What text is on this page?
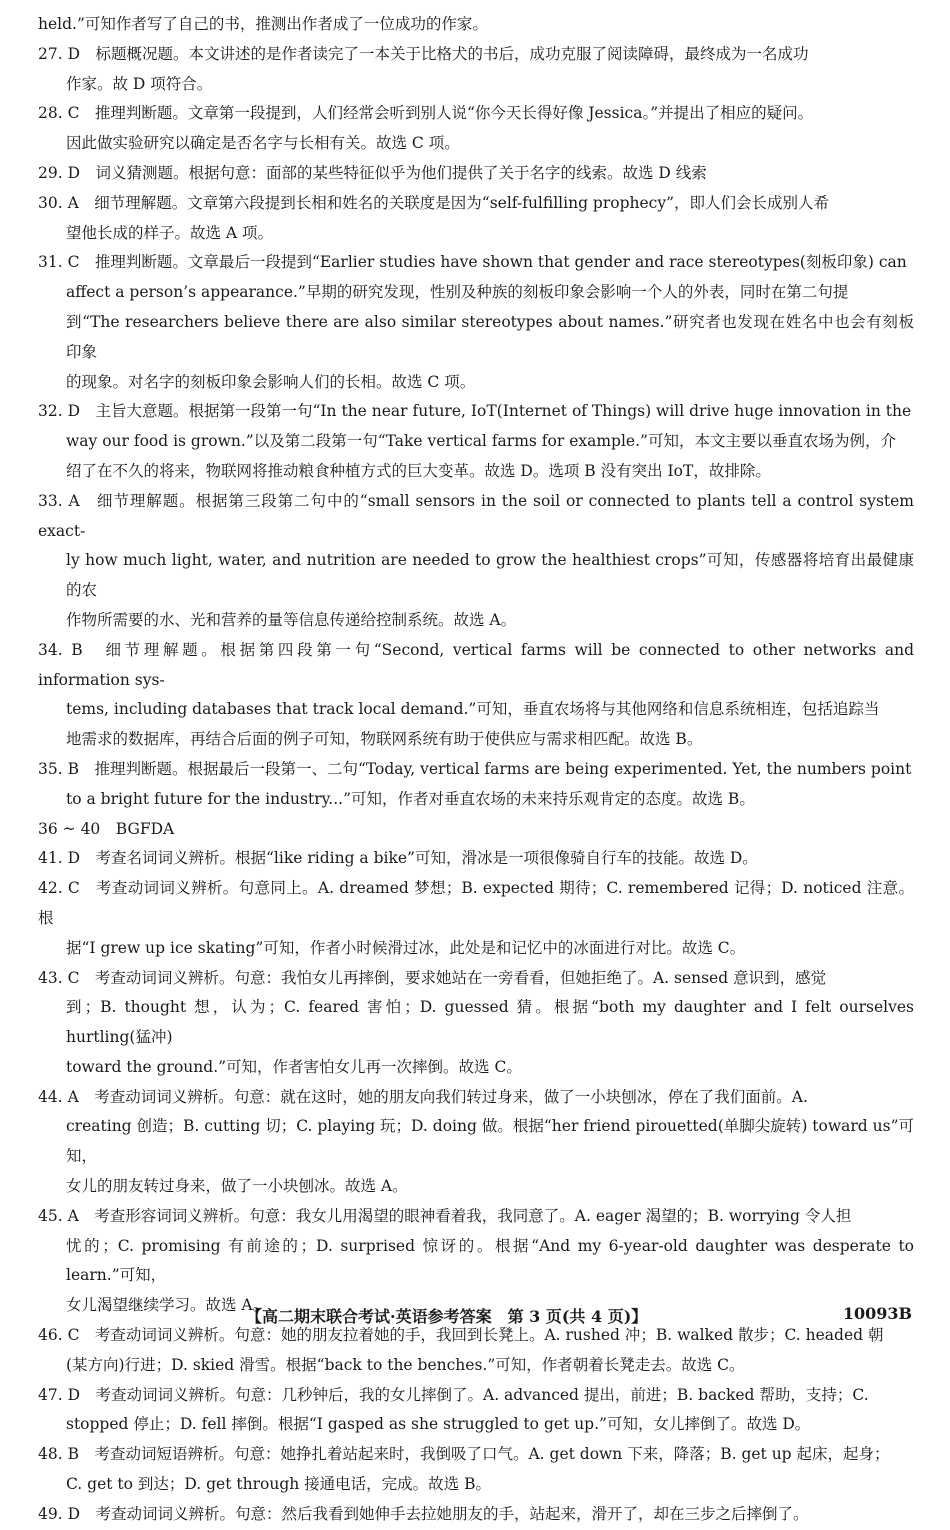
held.”可知作者写了自己的书，推测出作者成了一位成功的作家。
27. D　标题概况题。本文讲述的是作者读完了一本关于比格犬的书后，成功克服了阅读障碍，最终成为一名成功
作家。故 D 项符合。
28. C　推理判断题。文章第一段提到，人们经常会听到别人说“你今天长得好像 Jessica。”并提出了相应的疑问。
因此做实验研究以确定是否名字与长相有关。故选 C 项。
29. D　词义猜测题。根据句意：面部的某些特征似乎为他们提供了关于名字的线索。故选 D 线索
30. A　细节理解题。文章第六段提到长相和姓名的关联度是因为“self-fulfilling prophecy”，即人们会长成别人希
望他长成的样子。故选 A 项。
31. C　推理判断题。文章最后一段提到“Earlier studies have shown that gender and race stereotypes(刻板印象) can
affect a person’s appearance.”早期的研究发现，性别及种族的刻板印象会影响一个人的外表，同时在第二句提
到“The researchers believe there are also similar stereotypes about names.”研究者也发现在姓名中也会有刻板印象
的现象。对名字的刻板印象会影响人们的长相。故选 C 项。
32. D　主旨大意题。根据第一段第一句“In the near future, IoT(Internet of Things) will drive huge innovation in the
way our food is grown.”以及第二段第一句“Take vertical farms for example.”可知，本文主要以垂直农场为例，介
绍了在不久的将来，物联网将推动粮食种植方式的巨大变革。故选 D。选项 B 没有突出 IoT，故排除。
33. A　细节理解题。根据第三段第二句中的“small sensors in the soil or connected to plants tell a control system exact-
ly how much light, water, and nutrition are needed to grow the healthiest crops”可知，传感器将培育出最健康的农
作物所需要的水、光和营养的量等信息传递给控制系统。故选 A。
34. B　细节理解题。根据第四段第一句“Second, vertical farms will be connected to other networks and information sys-
tems, including databases that track local demand.”可知，垂直农场将与其他网络和信息系统相连，包括追踪当
地需求的数据库，再结合后面的例子可知，物联网系统有助于使供应与需求相匹配。故选 B。
35. B　推理判断题。根据最后一段第一、二句“Today, vertical farms are being experimented. Yet, the numbers point
to a bright future for the industry...”可知，作者对垂直农场的未来持乐观肯定的态度。故选 B。
36 ~ 40　BGFDA
41. D　考查名词词义辨析。根据“like riding a bike”可知，滑冰是一项很像骑自行车的技能。故选 D。
42. C　考查动词词义辨析。句意同上。A. dreamed 梦想；B. expected 期待；C. remembered 记得；D. noticed 注意。根
据“I grew up ice skating”可知，作者小时候滑过冰，此处是和记忆中的冰面进行对比。故选 C。
43. C　考查动词词义辨析。句意：我怕女儿再摔倒，要求她站在一旁看看，但她拒绝了。A. sensed 意识到，感觉
到；B. thought 想，认为；C. feared 害怕；D. guessed 猜。根据“both my daughter and I felt ourselves hurtling(猛冲)
toward the ground.”可知，作者害怕女儿再一次摔倒。故选 C。
44. A　考查动词词义辨析。句意：就在这时，她的朋友向我们转过身来，做了一小块刨冰，停在了我们面前。A.
creating 创造；B. cutting 切；C. playing 玩；D. doing 做。根据“her friend pirouetted(单脚尖旋转) toward us”可知，
女儿的朋友转过身来，做了一小块刨冰。故选 A。
45. A　考查形容词词义辨析。句意：我女儿用渴望的眼神看着我，我同意了。A. eager 渴望的；B. worrying 令人担
忧的；C. promising 有前途的；D. surprised 惊讶的。根据“And my 6-year-old daughter was desperate to learn.”可知，
女儿渴望继续学习。故选 A。
46. C　考查动词词义辨析。句意：她的朋友拉着她的手，我回到长凳上。A. rushed 冲；B. walked 散步；C. headed 朝
(某方向)行进；D. skied 滑雪。根据“back to the benches.”可知，作者朝着长凳走去。故选 C。
47. D　考查动词词义辨析。句意：几秒钟后，我的女儿摔倒了。A. advanced 提出，前进；B. backed 帮助，支持；C.
stopped 停止；D. fell 摔倒。根据“I gasped as she struggled to get up.”可知，女儿摔倒了。故选 D。
48. B　考查动词短语辨析。句意：她挣扎着站起来时，我倒吸了口气。A. get down 下来，降落；B. get up 起床，起身；
C. get to 到达；D. get through 接通电话，完成。故选 B。
49. D　考查动词词义辨析。句意：然后我看到她伸手去拉她朋友的手，站起来，滑开了，却在三步之后摔倒了。
【高二期末联合考试·英语参考答案　第 3 页(共 4 页)】	10093B
